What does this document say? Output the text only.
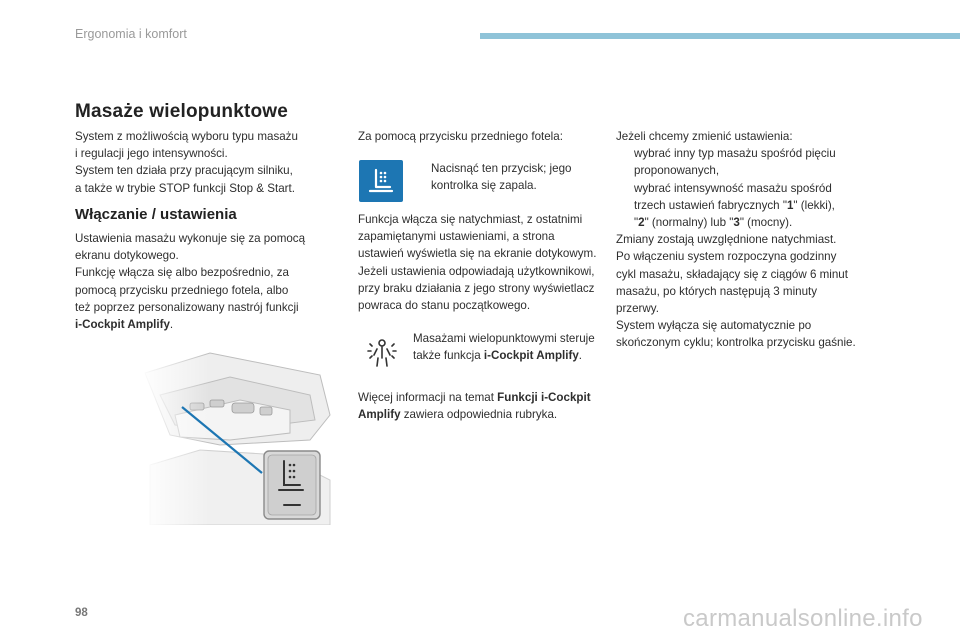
Ergonomia i komfort
Masaże wielopunktowe

System z możliwością wyboru typu masażu

i regulacji jego intensywności.

System ten działa przy pracującym silniku,

a także w trybie STOP funkcji Stop & Start.

Włączanie / ustawienia

Ustawienia masażu wykonuje się za pomocą

ekranu dotykowego.

Funkcję włącza się albo bezpośrednio, za

pomocą przycisku przedniego fotela, albo

też poprzez personalizowany nastrój funkcji

i-Cockpit Amplify.

Za pomocą przycisku przedniego fotela:
Nacisnąć ten przycisk; jego
kontrolka się zapala.

Funkcja włącza się natychmiast, z ostatnimi

zapamiętanymi ustawieniami, a strona

ustawień wyświetla się na ekranie dotykowym.

Jeżeli ustawienia odpowiadają użytkownikowi,

przy braku działania z jego strony wyświetlacz

powraca do stanu początkowego.

Masażami wielopunktowymi steruje

także funkcja i-Cockpit Amplify.

Więcej informacji na temat Funkcji i-Cockpit

Amplify zawiera odpowiednia rubryka.

Jeżeli chcemy zmienić ustawienia:

wybrać inny typ masażu spośród pięciu
proponowanych,
wybrać intensywność masażu spośród
trzech ustawień fabrycznych "1" (lekki),
"2" (normalny) lub "3" (mocny).

Zmiany zostają uwzględnione natychmiast.

Po włączeniu system rozpoczyna godzinny

cykl masażu, składający się z ciągów 6 minut

masażu, po których następują 3 minuty

przerwy.

System wyłącza się automatycznie po

skończonym cyklu; kontrolka przycisku gaśnie.

98	carmanualsonline.info
